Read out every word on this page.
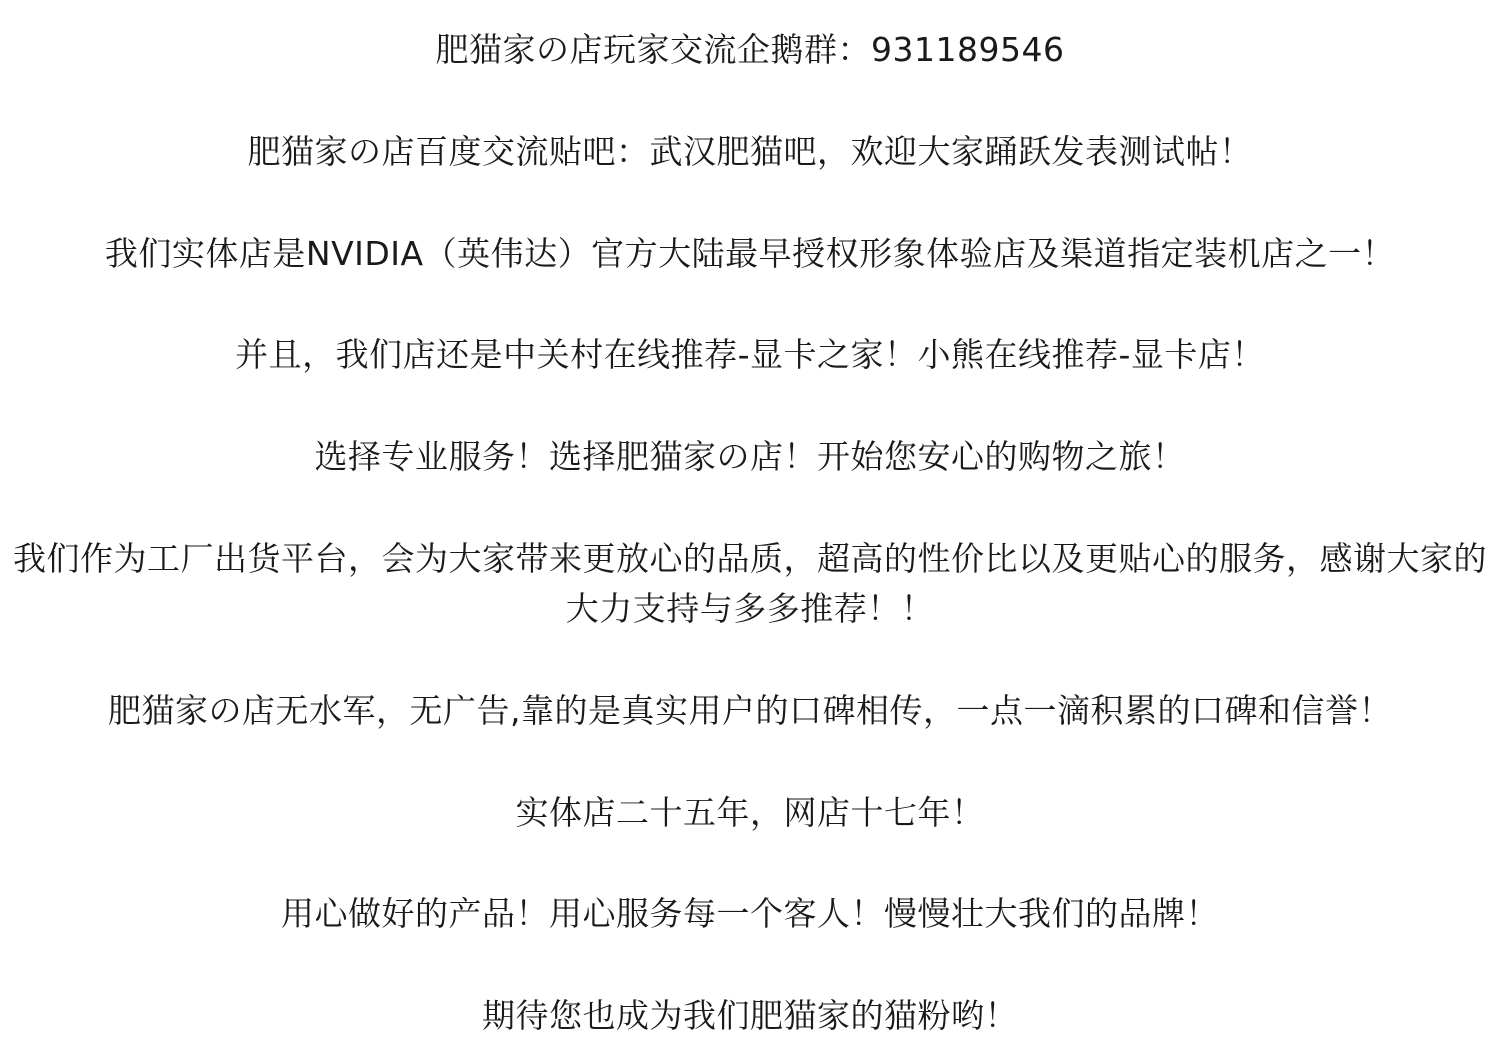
肥猫家の店玩家交流企鹅群：931189546
肥猫家の店百度交流贴吧：武汉肥猫吧，欢迎大家踊跃发表测试帖！
我们实体店是NVIDIA（英伟达）官方大陆最早授权形象体验店及渠道指定装机店之一！
并且，我们店还是中关村在线推荐-显卡之家！小熊在线推荐-显卡店！
选择专业服务！选择肥猫家の店！开始您安心的购物之旅！
我们作为工厂出货平台，会为大家带来更放心的品质，超高的性价比以及更贴心的服务，感谢大家的
大力支持与多多推荐！！
肥猫家の店无水军，无广告,靠的是真实用户的口碑相传，一点一滴积累的口碑和信誉！
实体店二十五年，网店十七年！
用心做好的产品！用心服务每一个客人！慢慢壮大我们的品牌！
期待您也成为我们肥猫家的猫粉哟！
